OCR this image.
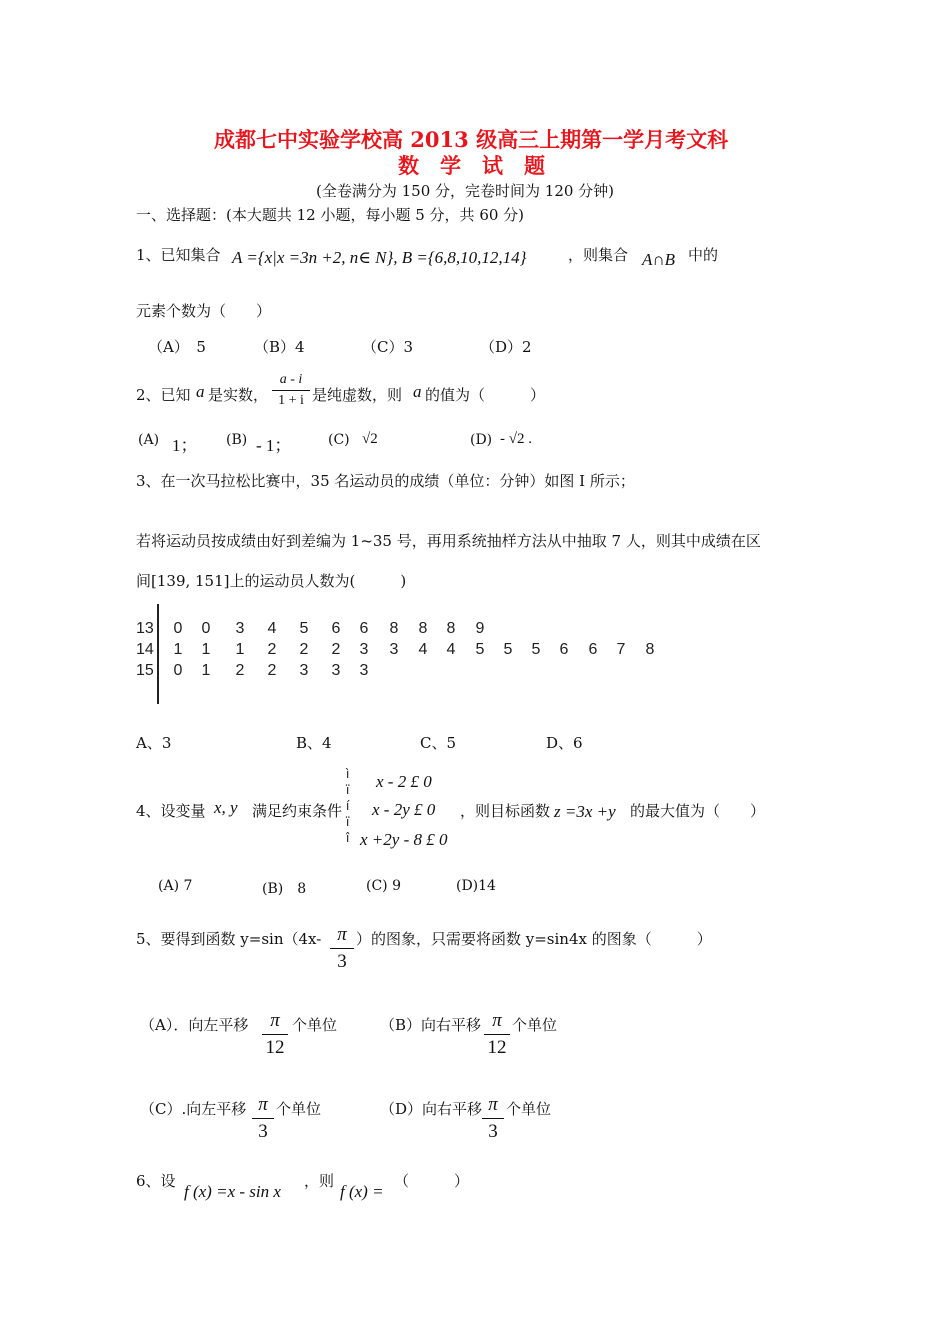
成都七中实验学校高 2013 级高三上期第一学月考文科
数　学　试　题
(全卷满分为 150 分，完卷时间为 120 分钟)
一、选择题：(本大题共 12 小题，每小题 5 分，共 60 分)
1、已知集合 A ={x|x =3n +2, n∈ N}, B ={6,8,10,12,14}	，则集合 A∩B 中的
元素个数为（　　）
（A）　5	（B）4	（C）3	（D）2
2、已知 a 是实数，
a - i
1 + i 是纯虚数，则 a 的值为（　　　）
(A) 1； (B) - 1；	(C) √2	(D) - √2 .
3、在一次马拉松比赛中，35 名运动员的成绩（单位：分钟）如图 I 所示；
若将运动员按成绩由好到差编为 1~35 号，再用系统抽样方法从中抽取 7 人，则其中成绩在区
间[139, 151]上的运动员人数为(　　　)
13	0	0	3	4	5	6	6	8	8	8	9
14	1	1	1	2	2	2	3	3	4	4	5	5	5	6	6	7	8
15	0	1	2	2	3	3	3
A、3	B、4	C、5	D、6
4、设变量 x, y 满足约束条件
ì
ï
í
ï
î
x - 2 £ 0
x - 2y £ 0
x +2y - 8 £ 0
，则目标函数 z =3x +y 的最大值为（　　）
(A) 7	(B)　8	(C) 9	(D)14
5、要得到函数 y=sin（4x- π
3
）的图象，只需要将函数 y=sin4x 的图象（　　　）
（A）．向左平移	π
12
个单位	（B）向右平移 π
12
个单位
（C）.向左平移 π
3
个单位	（D）向右平移 π
3
个单位
6、设
f (x) =x - sin x
，则
f (x) =
（　　　）
